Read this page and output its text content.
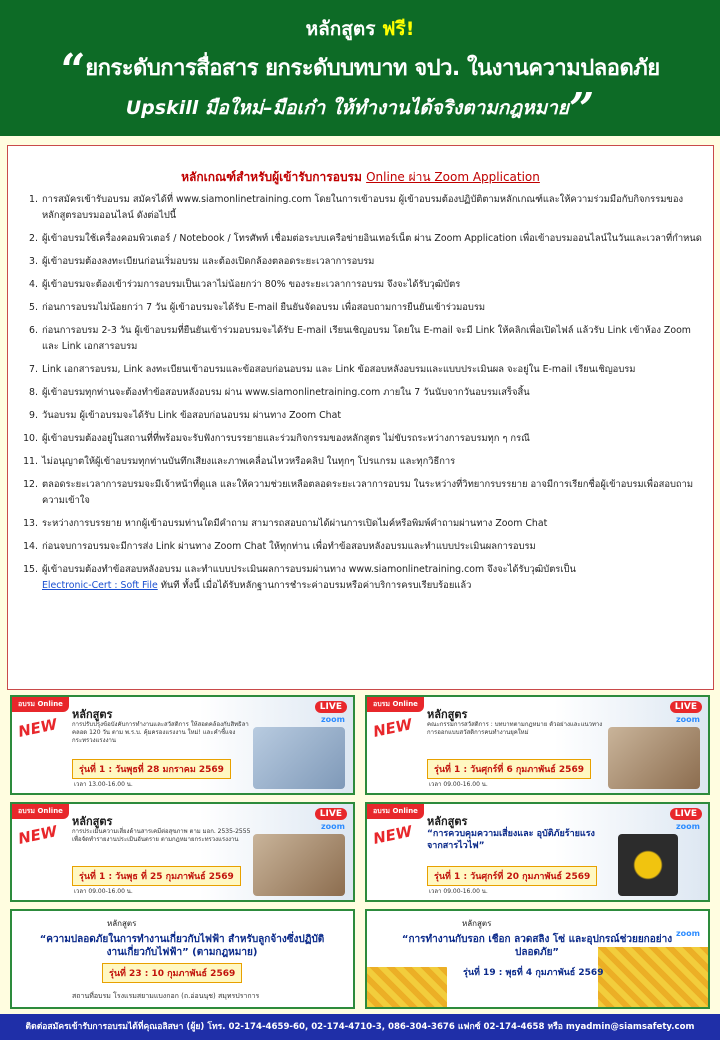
หลักสูตร ฟรี!
“ยกระดับการสื่อสาร ยกระดับบทบาท จปว. ในงานความปลอดภัย
Upskill มือใหม่–มือเก๋า ให้ทำงานได้จริงตามกฎหมาย”
หลักเกณฑ์สำหรับผู้เข้ารับการอบรม Online ผ่าน Zoom Application
1. การสมัครเข้ารับอบรม สมัครได้ที่ www.siamonlinetraining.com โดยในการเข้าอบรม ผู้เข้าอบรมต้องปฏิบัติตามหลักเกณฑ์และให้ความร่วมมือกับกิจกรรมของหลักสูตรอบรมออนไลน์ ดังต่อไปนี้
2. ผู้เข้าอบรมใช้เครื่องคอมพิวเตอร์ / Notebook / โทรศัพท์ เชื่อมต่อระบบเครือข่ายอินเทอร์เน็ต ผ่าน Zoom Application เพื่อเข้าอบรมออนไลน์ในวันและเวลาที่กำหนด
3. ผู้เข้าอบรมต้องลงทะเบียนก่อนเริ่มอบรม และต้องเปิดกล้องตลอดระยะเวลาการอบรม
4. ผู้เข้าอบรมจะต้องเข้าร่วมการอบรมเป็นเวลาไม่น้อยกว่า 80% ของระยะเวลาการอบรม จึงจะได้รับวุฒิบัตร
5. ก่อนการอบรมไม่น้อยกว่า 7 วัน ผู้เข้าอบรมจะได้รับ E-mail ยืนยันจัดอบรม เพื่อสอบถามการยืนยันเข้าร่วมอบรม
6. ก่อนการอบรม 2-3 วัน ผู้เข้าอบรมที่ยืนยันเข้าร่วมอบรมจะได้รับ E-mail เรียนเชิญอบรม โดยใน E-mail จะมี Link ให้คลิกเพื่อเปิดไฟล์ แล้วรับ Link เข้าห้อง Zoom และ Link เอกสารอบรม
7. Link เอกสารอบรม, Link ลงทะเบียนเข้าอบรมและข้อสอบก่อนอบรม และ Link ข้อสอบหลังอบรมและแบบประเมินผล จะอยู่ใน E-mail เรียนเชิญอบรม
8. ผู้เข้าอบรมทุกท่านจะต้องทำข้อสอบหลังอบรม ผ่าน www.siamonlinetraining.com ภายใน 7 วันนับจากวันอบรมเสร็จสิ้น
9. วันอบรม ผู้เข้าอบรมจะได้รับ Link ข้อสอบก่อนอบรม ผ่านทาง Zoom Chat
10. ผู้เข้าอบรมต้องอยู่ในสถานที่ที่พร้อมจะรับฟังการบรรยายและร่วมกิจกรรมของหลักสูตร ไม่ขับรถระหว่างการอบรมทุก ๆ กรณี
11. ไม่อนุญาตให้ผู้เข้าอบรมทุกท่านบันทึกเสียงและภาพเคลื่อนไหวหรือคลิป ในทุกๆ โปรแกรม และทุกวิธีการ
12. ตลอดระยะเวลาการอบรมจะมีเจ้าหน้าที่ดูแล และให้ความช่วยเหลือตลอดระยะเวลาการอบรม ในระหว่างที่วิทยากรบรรยาย อาจมีการเรียกชื่อผู้เข้าอบรมเพื่อสอบถามความเข้าใจ
13. ระหว่างการบรรยาย หากผู้เข้าอบรมท่านใดมีคำถาม สามารถสอบถามได้ผ่านการเปิดไมค์หรือพิมพ์คำถามผ่านทาง Zoom Chat
14. ก่อนจบการอบรมจะมีการส่ง Link ผ่านทาง Zoom Chat ให้ทุกท่าน เพื่อทำข้อสอบหลังอบรมและทำแบบประเมินผลการอบรม
15. ผู้เข้าอบรมต้องทำข้อสอบหลังอบรม และทำแบบประเมินผลการอบรมผ่านทาง www.siamonlinetraining.com จึงจะได้รับวุฒิบัตรเป็น
Electronic-Cert : Soft File ทันที ทั้งนี้ เมื่อได้รับหลักฐานการชำระค่าอบรมหรือค่าบริการครบเรียบร้อยแล้ว
อบรม Online
NEW
LIVE
zoom
หลักสูตร
การปรับปรุงข้อบังคับการทำงานและสวัสดิการ ให้สอดคล้องกับสิทธิลาคลอด 120 วัน ตาม พ.ร.บ. คุ้มครองแรงงาน ใหม่! และคำชี้แจงกระทรวงแรงงาน
รุ่นที่ 1 : วันพุธที่ 28 มกราคม 2569
เวลา 13.00-16.00 น.
อบรม Online
NEW
LIVE
zoom
หลักสูตร
คณะกรรมการสวัสดิการ : บทบาทตามกฎหมาย ตัวอย่างและแนวทางการออกแบบสวัสดิการคนทำงานยุคใหม่
รุ่นที่ 1 : วันศุกร์ที่ 6 กุมภาพันธ์ 2569
เวลา 09.00-16.00 น.
อบรม Online
NEW
LIVE
zoom
หลักสูตร
การประเมินความเสี่ยงด้านสารเคมีต่อสุขภาพ ตาม มอก. 2535-2555 เพื่อจัดทำรายงานประเมินอันตราย ตามกฎหมายกระทรวงแรงงาน
รุ่นที่ 1 : วันพุธ ที่ 25 กุมภาพันธ์ 2569
เวลา 09.00-16.00 น.
อบรม Online
NEW
LIVE
zoom
หลักสูตร
“การควบคุมความเสี่ยงและ อุบัติภัยร้ายแรงจากสารไวไฟ”
รุ่นที่ 1 : วันศุกร์ที่ 20 กุมภาพันธ์ 2569
เวลา 09.00-16.00 น.
หลักสูตร
“ความปลอดภัยในการทำงานเกี่ยวกับไฟฟ้า สำหรับลูกจ้างซึ่งปฏิบัติงานเกี่ยวกับไฟฟ้า” (ตามกฎหมาย)
รุ่นที่ 23 : 10 กุมภาพันธ์ 2569
สถานที่อบรม โรงแรมสยามแบงกอก (ถ.อ่อนนุช) สมุทรปราการ
zoom
หลักสูตร
“การทำงานกับรอก เชือก ลวดสลิง โซ่ และอุปกรณ์ช่วยยกอย่างปลอดภัย”
รุ่นที่ 19 : พุธที่ 4 กุมภาพันธ์ 2569
ติดต่อสมัครเข้ารับการอบรมได้ที่คุณอลิสษา (ผู้ย) โทร. 02-174-4659-60, 02-174-4710-3, 086-304-3676 แฟกซ์ 02-174-4658 หรือ myadmin@siamsafety.com
